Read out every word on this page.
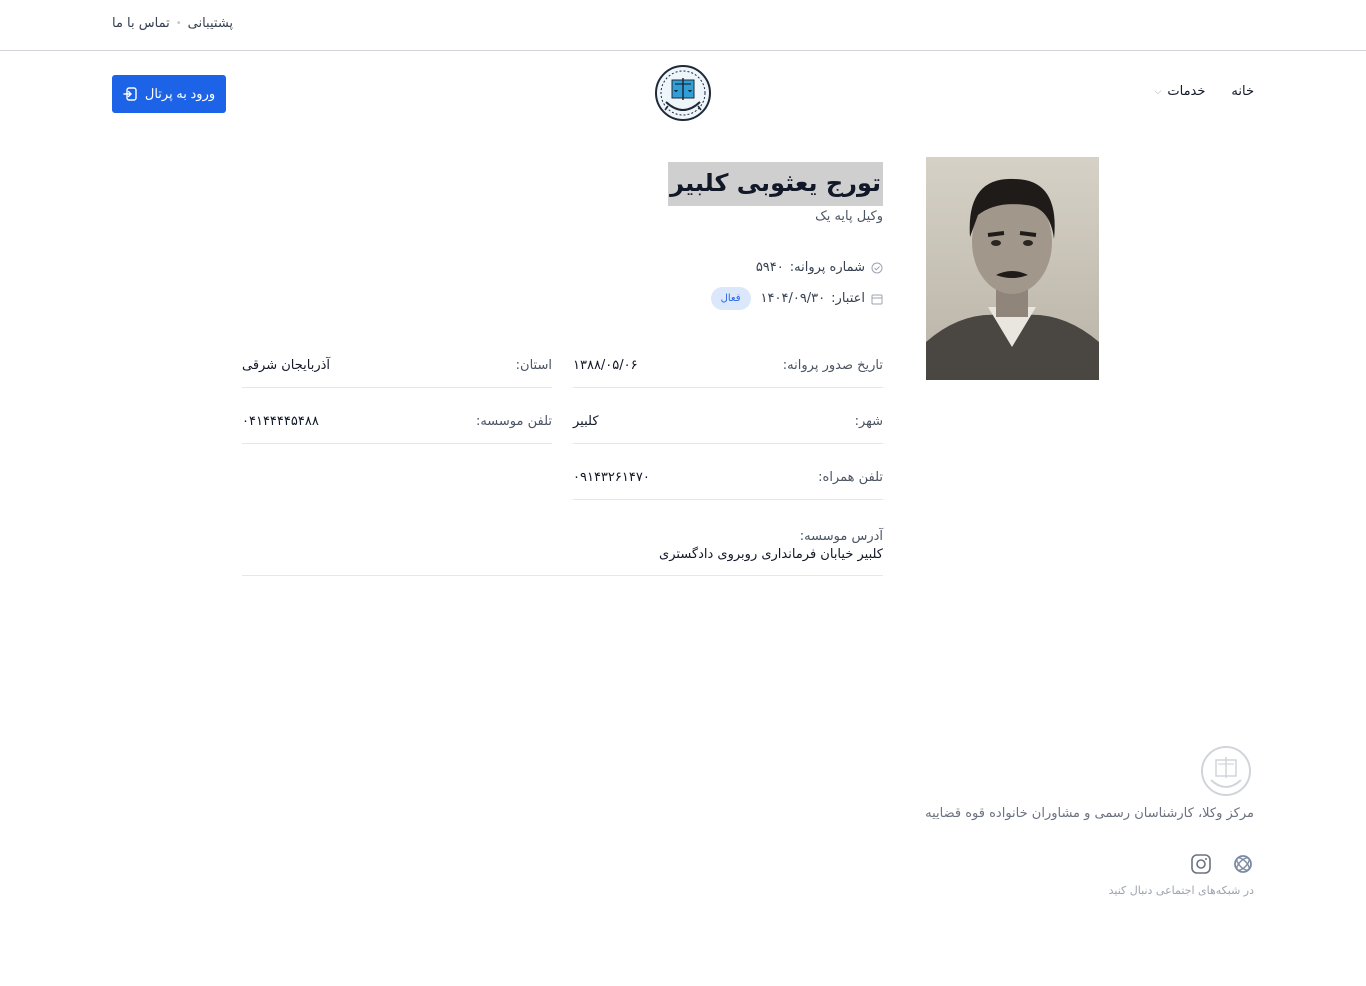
پشتیبانی
•
تماس با ما
ورود به پرتال	خانه
خدمات
⌵
تورج یعثوبی کلبیر
وکیل پایه یک
شماره پروانه:
۵۹۴۰
اعتبار:
۱۴۰۴/۰۹/۳۰
فعال
تاریخ صدور پروانه:
۱۳۸۸/۰۵/۰۶
استان:
آذربایجان شرقی
شهر:
کلبیر
تلفن موسسه:
۰۴۱۴۴۴۴۵۴۸۸
تلفن همراه:
۰۹۱۴۳۲۶۱۴۷۰
آدرس موسسه:
کلبیر خیابان فرمانداری روبروی دادگستری
مرکز وکلا، کارشناسان رسمی و مشاوران خانواده قوه قضاییه
در شبکه‌های اجتماعی دنبال کنید
